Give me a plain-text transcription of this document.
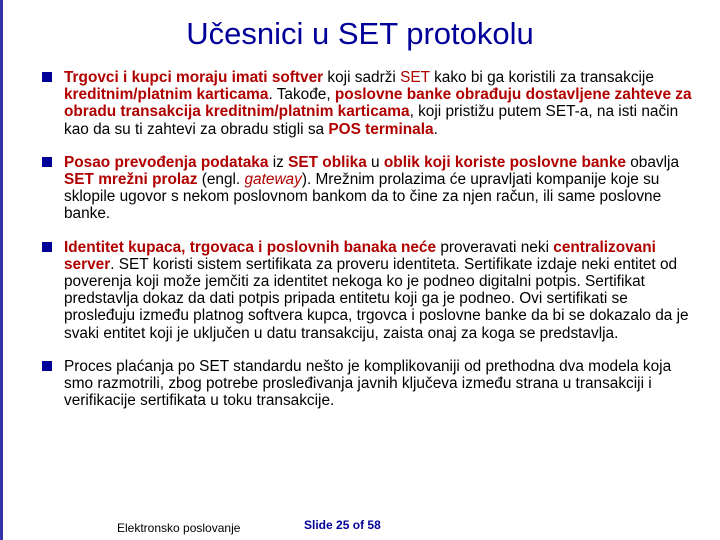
Učesnici u SET protokolu
Trgovci i kupci moraju imati softver koji sadrži SET kako bi ga koristili za transakcije kreditnim/platnim karticama. Takođe, poslovne banke obrađuju dostavljene zahteve za obradu transakcija kreditnim/platnim karticama, koji pristižu putem SET-a, na isti način kao da su ti zahtevi za obradu stigli sa POS terminala.
Posao prevođenja podataka iz SET oblika u oblik koji koriste poslovne banke obavlja SET mrežni prolaz (engl. gateway). Mrežnim prolazima će upravljati kompanije koje su sklopile ugovor s nekom poslovnom bankom da to čine za njen račun, ili same poslovne banke.
Identitet kupaca, trgovaca i poslovnih banaka neće proveravati neki centralizovani server. SET koristi sistem sertifikata za proveru identiteta. Sertifikate izdaje neki entitet od poverenja koji može jemčiti za identitet nekoga ko je podneo digitalni potpis. Sertifikat predstavlja dokaz da dati potpis pripada entitetu koji ga je podneo. Ovi sertifikati se prosleđuju između platnog softvera kupca, trgovca i poslovne banke da bi se dokazalo da je svaki entitet koji je uključen u datu transakciju, zaista onaj za koga se predstavlja.
Proces plaćanja po SET standardu nešto je komplikovaniji od prethodna dva modela koja smo razmotrili, zbog potrebe prosleđivanja javnih ključeva između strana u transakciji i verifikacije sertifikata u toku transakcije.
Elektronsko poslovanje	Slide 25 of 58
